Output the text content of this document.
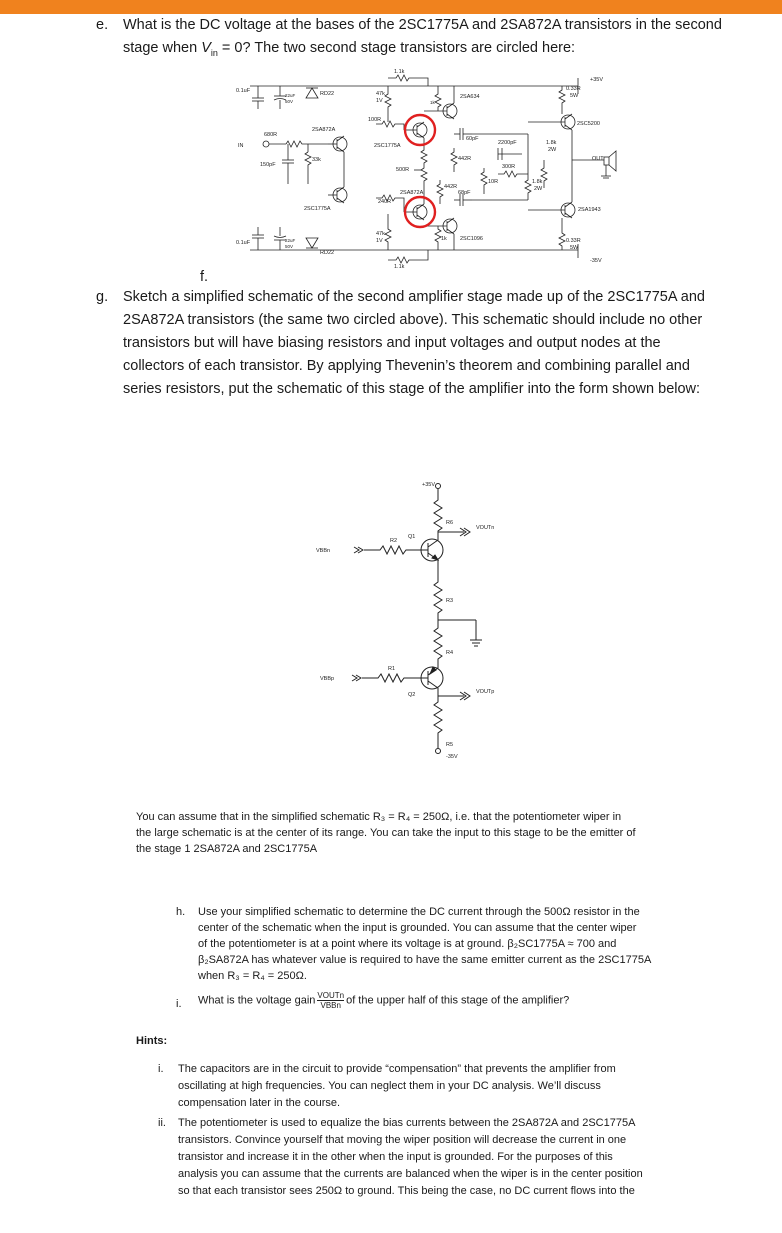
e. What is the DC voltage at the bases of the 2SC1775A and 2SA872A transistors in the second
stage when $V_{in} = 0$? The two second stage transistors are circled here:
0.1uF
22uF
50V
RD22	47k
1V
1.1k
1k
2SA634
0.33R
5W
+35V
2SC5200
100R
2SA872A
680R
IN	2SC1775A
60pF
2200pF	1.8k
2W
33k
150pF
442R
500R
OUT
300R
10R
442R
1.8k
2W
2SA872A	68pF
240R
2SC1775A	2SA1943
47k
1V	1k 2SC1096
0.1uF	22uF
50V
RD22
1.1k
0.33R
5W
-35V
f.
g. Sketch a simplified schematic of the second amplifier stage made up of the 2SC1775A and
2SA872A transistors (the same two circled above). This schematic should include no other
transistors but will have biasing resistors and input voltages and output nodes at the
collectors of each transistor. By applying Thevenin’s theorem and combining parallel and
series resistors, put the schematic of this stage of the amplifier into the form shown below:
+35V
R6
VOUTn
R2
Q1
VBBn
R3
R4
R1
VBBp
Q2	VOUTp
R5
-35V
You can assume that in the simplified schematic R₃ = R₄ = 250Ω, i.e. that the potentiometer wiper in
the large schematic is at the center of its range. You can take the input to this stage to be the emitter of
the stage 1 2SA872A and 2SC1775A
h. Use your simplified schematic to determine the DC current through the 500Ω resistor in the
center of the schematic when the input is grounded. You can assume that the center wiper
of the potentiometer is at a point where its voltage is at ground. β₂SC1775A ≈ 700 and
β₂SA872A has whatever value is required to have the same emitter current as the 2SC1775A
when R₃ = R₄ = 250Ω.
i. What is the voltage gain $\frac{\text{VOUTn}}{\text{VBBn}}$ of the upper half of this stage of the amplifier?
Hints:
i. The capacitors are in the circuit to provide “compensation” that prevents the amplifier from
oscillating at high frequencies. You can neglect them in your DC analysis. We’ll discuss
compensation later in the course.
ii. The potentiometer is used to equalize the bias currents between the 2SA872A and 2SC1775A
transistors. Convince yourself that moving the wiper position will decrease the current in one
transistor and increase it in the other when the input is grounded. For the purposes of this
analysis you can assume that the currents are balanced when the wiper is in the center position
so that each transistor sees 250Ω to ground. This being the case, no DC current flows into the
